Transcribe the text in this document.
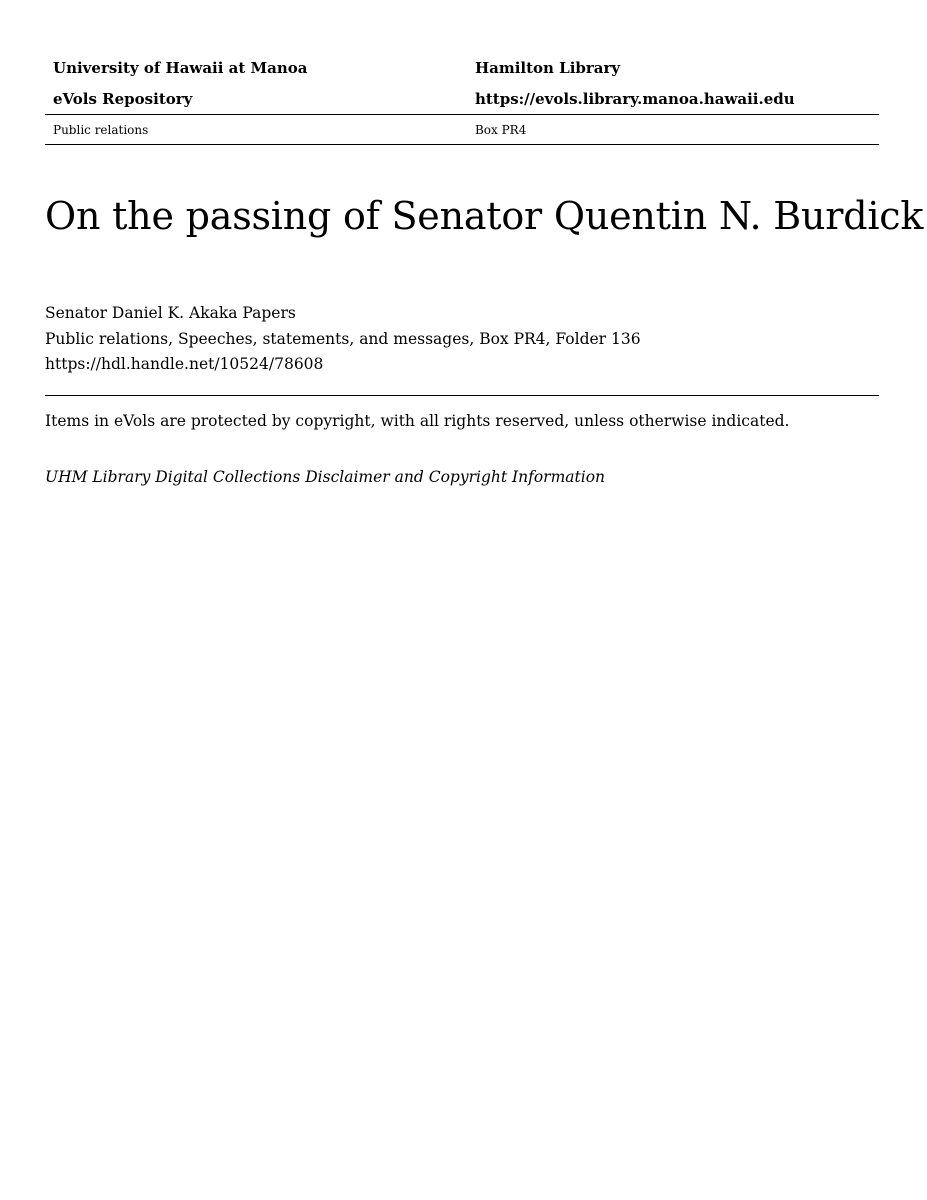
University of Hawaii at Manoa	Hamilton Library
eVols Repository	https://evols.library.manoa.hawaii.edu
Public relations	Box PR4
On the passing of Senator Quentin N. Burdick
Senator Daniel K. Akaka Papers
Public relations, Speeches, statements, and messages, Box PR4, Folder 136
https://hdl.handle.net/10524/78608
Items in eVols are protected by copyright, with all rights reserved, unless otherwise indicated.
UHM Library Digital Collections Disclaimer and Copyright Information
